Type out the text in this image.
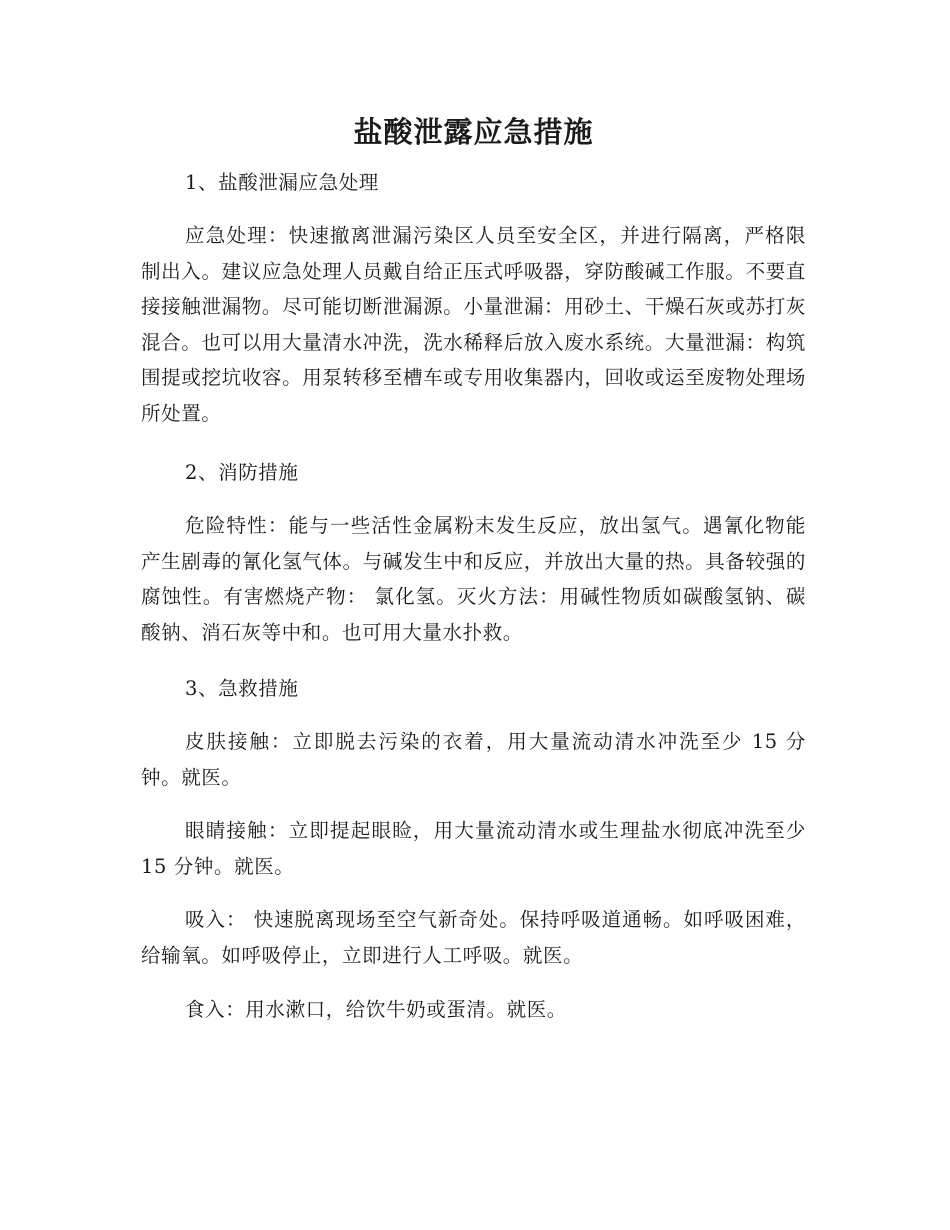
盐酸泄露应急措施

1、盐酸泄漏应急处理

应急处理：快速撤离泄漏污染区人员至安全区，并进行隔离，严格限制出入。建议应急处理人员戴自给正压式呼吸器，穿防酸碱工作服。不要直接接触泄漏物。尽可能切断泄漏源。小量泄漏：用砂土、干燥石灰或苏打灰混合。也可以用大量清水冲洗，洗水稀释后放入废水系统。大量泄漏：构筑围提或挖坑收容。用泵转移至槽车或专用收集器内，回收或运至废物处理场所处置。

2、消防措施

危险特性：能与一些活性金属粉末发生反应，放出氢气。遇氰化物能产生剧毒的氰化氢气体。与碱发生中和反应，并放出大量的热。具备较强的腐蚀性。有害燃烧产物： 氯化氢。灭火方法：用碱性物质如碳酸氢钠、碳酸钠、消石灰等中和。也可用大量水扑救。

3、急救措施

皮肤接触：立即脱去污染的衣着，用大量流动清水冲洗至少 15 分钟。就医。

眼睛接触：立即提起眼睑，用大量流动清水或生理盐水彻底冲洗至少 15 分钟。就医。

吸入： 快速脱离现场至空气新奇处。保持呼吸道通畅。如呼吸困难，给输氧。如呼吸停止，立即进行人工呼吸。就医。

食入：用水漱口，给饮牛奶或蛋清。就医。
